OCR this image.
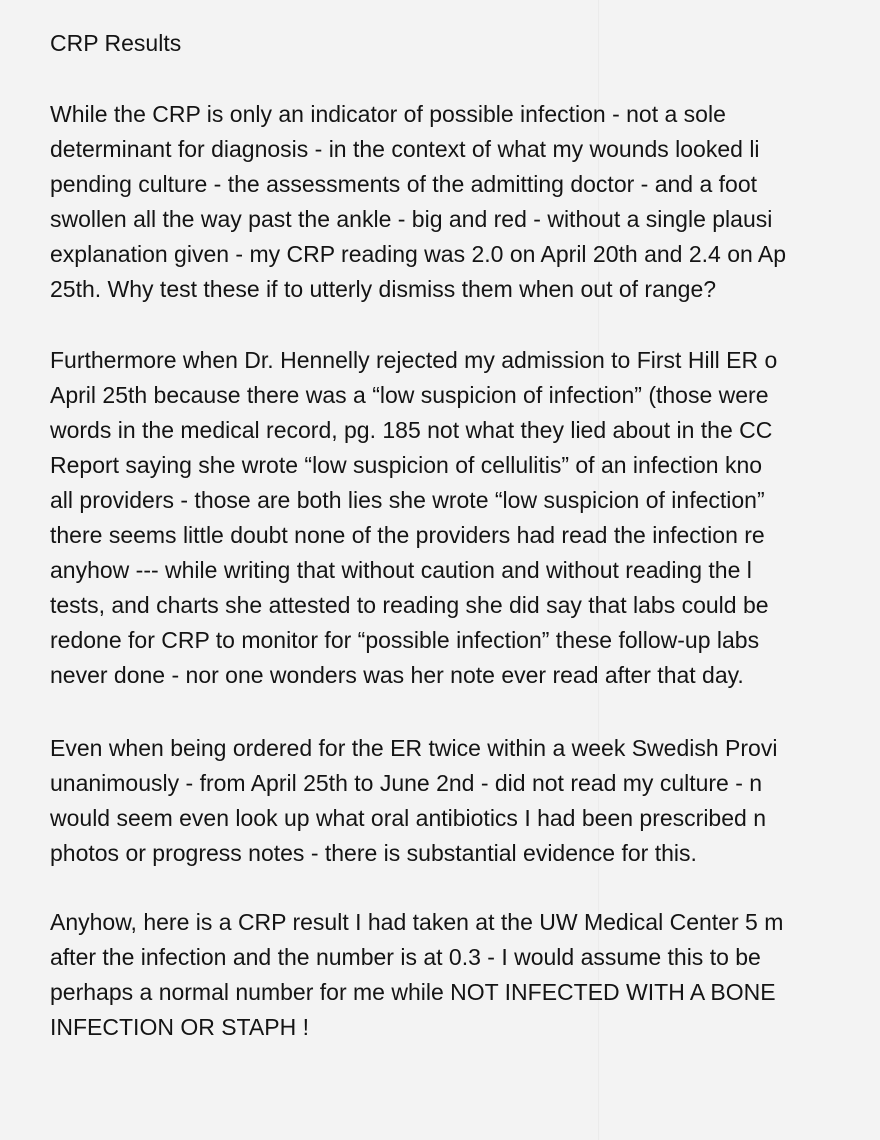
CRP Results
While the CRP is only an indicator of possible infection - not a sole
determinant for diagnosis - in the context of what my wounds looked li
pending culture - the assessments of the admitting doctor - and a foot
swollen all the way past the ankle - big and red - without a single plausi
explanation given - my CRP reading was 2.0 on April 20th and 2.4 on Ap
25th. Why test these if to utterly dismiss them when out of range?
Furthermore when Dr. Hennelly rejected my admission to First Hill ER o
April 25th because there was a “low suspicion of infection” (those were
words in the medical record, pg. 185 not what they lied about in the CC
Report saying she wrote “low suspicion of cellulitis” of an infection kno
all providers - those are both lies she wrote “low suspicion of infection”
there seems little doubt none of the providers had read the infection re
anyhow --- while writing that without caution and without reading the l
tests, and charts she attested to reading she did say that labs could be
redone for CRP to monitor for “possible infection” these follow-up labs
never done - nor one wonders was her note ever read after that day.
Even when being ordered for the ER twice within a week Swedish Provi
unanimously - from April 25th to June 2nd - did not read my culture - n
would seem even look up what oral antibiotics I had been prescribed n
photos or progress notes - there is substantial evidence for this.
Anyhow, here is a CRP result I had taken at the UW Medical Center 5 m
after the infection and the number is at 0.3 - I would assume this to be
perhaps a normal number for me while NOT INFECTED WITH A BONE
INFECTION OR STAPH !
